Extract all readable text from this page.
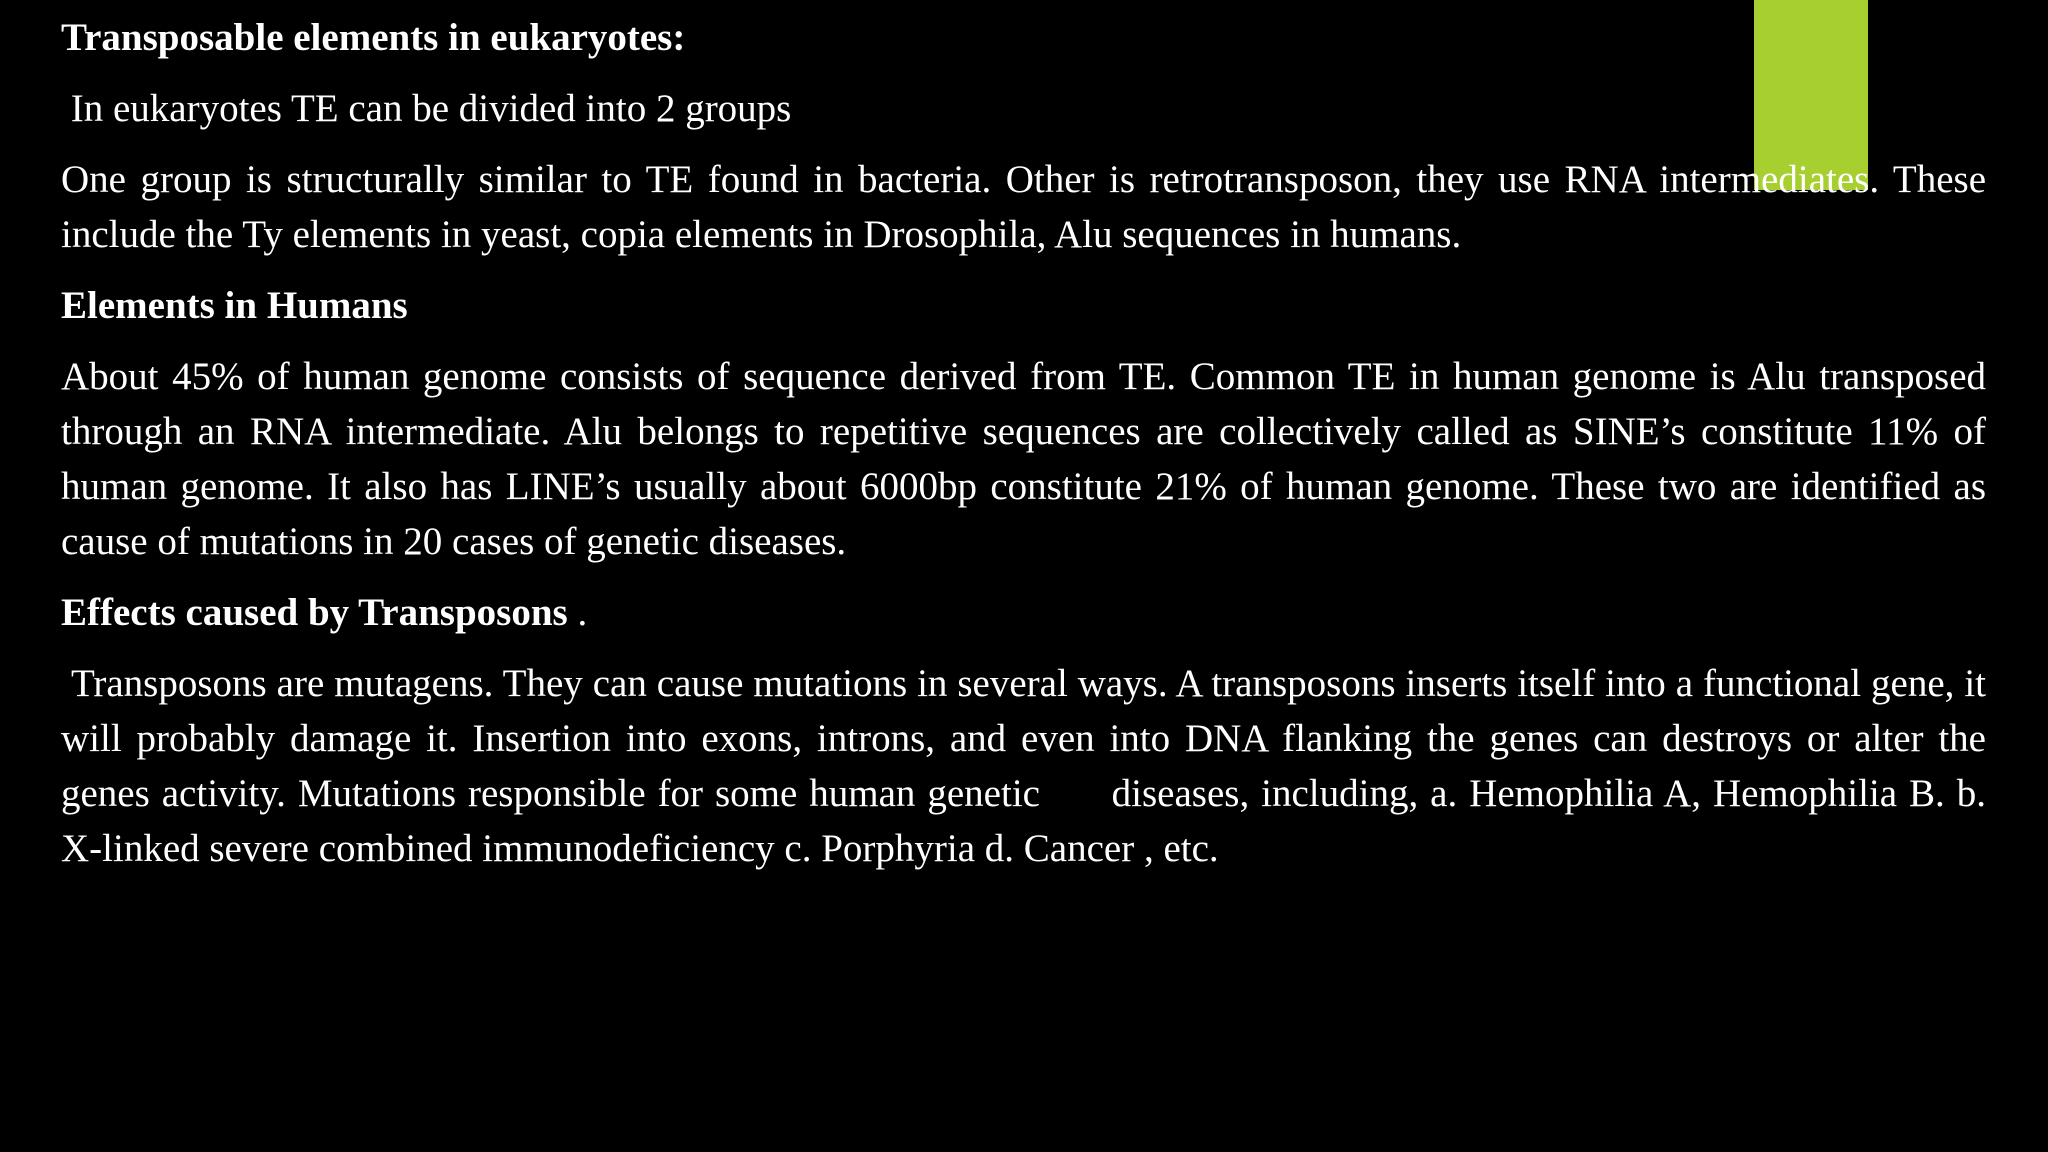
Transposable elements in eukaryotes:

In eukaryotes TE can be divided into 2 groups

One group is structurally similar to TE found in bacteria. Other is retrotransposon, they use RNA intermediates. These include the Ty elements in yeast, copia elements in Drosophila, Alu sequences in humans.

Elements in Humans

About 45% of human genome consists of sequence derived from TE. Common TE in human genome is Alu transposed through an RNA intermediate. Alu belongs to repetitive sequences are collectively called as SINE’s constitute 11% of human genome. It also has LINE’s usually about 6000bp constitute 21% of human genome. These two are identified as cause of mutations in 20 cases of genetic diseases.

Effects caused by Transposons .

Transposons are mutagens. They can cause mutations in several ways. A transposons inserts itself into a functional gene, it will probably damage it. Insertion into exons, introns, and even into DNA flanking the genes can destroys or alter the genes activity. Mutations responsible for some human genetic      diseases, including, a. Hemophilia A, Hemophilia B. b. X-linked severe combined immunodeficiency c. Porphyria d. Cancer , etc.
